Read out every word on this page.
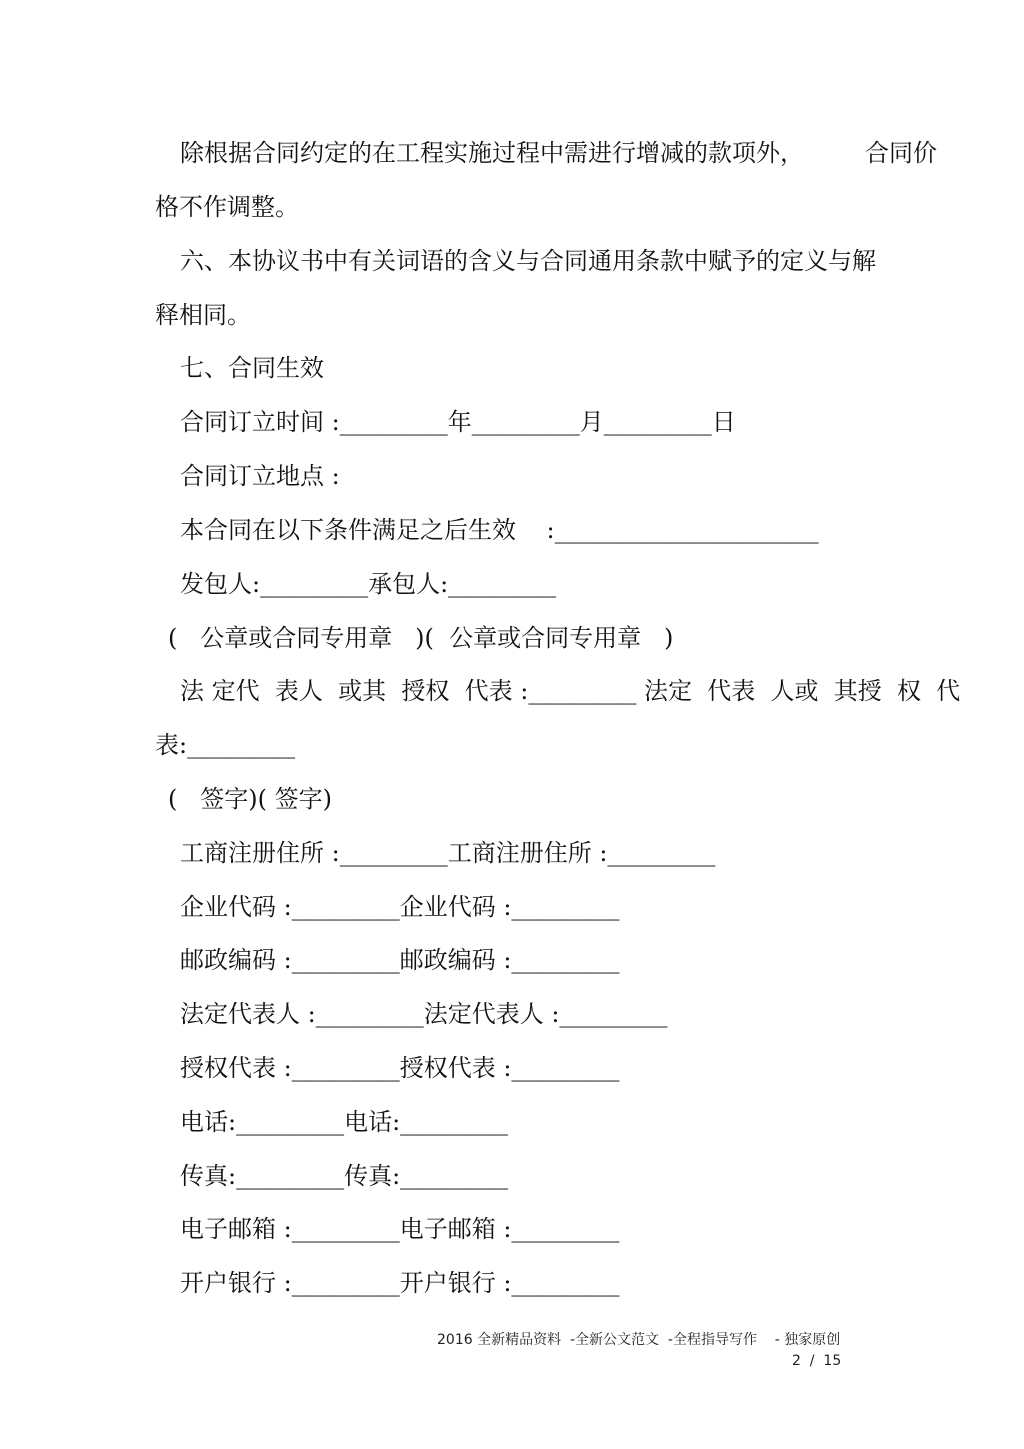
除根据合同约定的在工程实施过程中需进行增减的款项外，        合同价
格不作调整。
六、本协议书中有关词语的含义与合同通用条款中赋予的定义与解
释相同。
七、合同生效
合同订立时间 :_________年_________月_________日
合同订立地点 :
本合同在以下条件满足之后生效    :______________________
发包人:_________承包人:_________
(   公章或合同专用章   )(  公章或合同专用章   )
法 定代  表人  或其  授权  代表 :_________ 法定  代表  人或  其授  权  代
表:_________
(   签字)( 签字)
工商注册住所 :_________工商注册住所 :_________
企业代码 :_________企业代码 :_________
邮政编码 :_________邮政编码 :_________
法定代表人 :_________法定代表人 :_________
授权代表 :_________授权代表 :_________
电话:_________电话:_________
传真:_________传真:_________
电子邮箱 :_________电子邮箱 :_________
开户银行 :_________开户银行 :_________
2016 全新精品资料  -全新公文范文  -全程指导写作    - 独家原创
2  /  15
